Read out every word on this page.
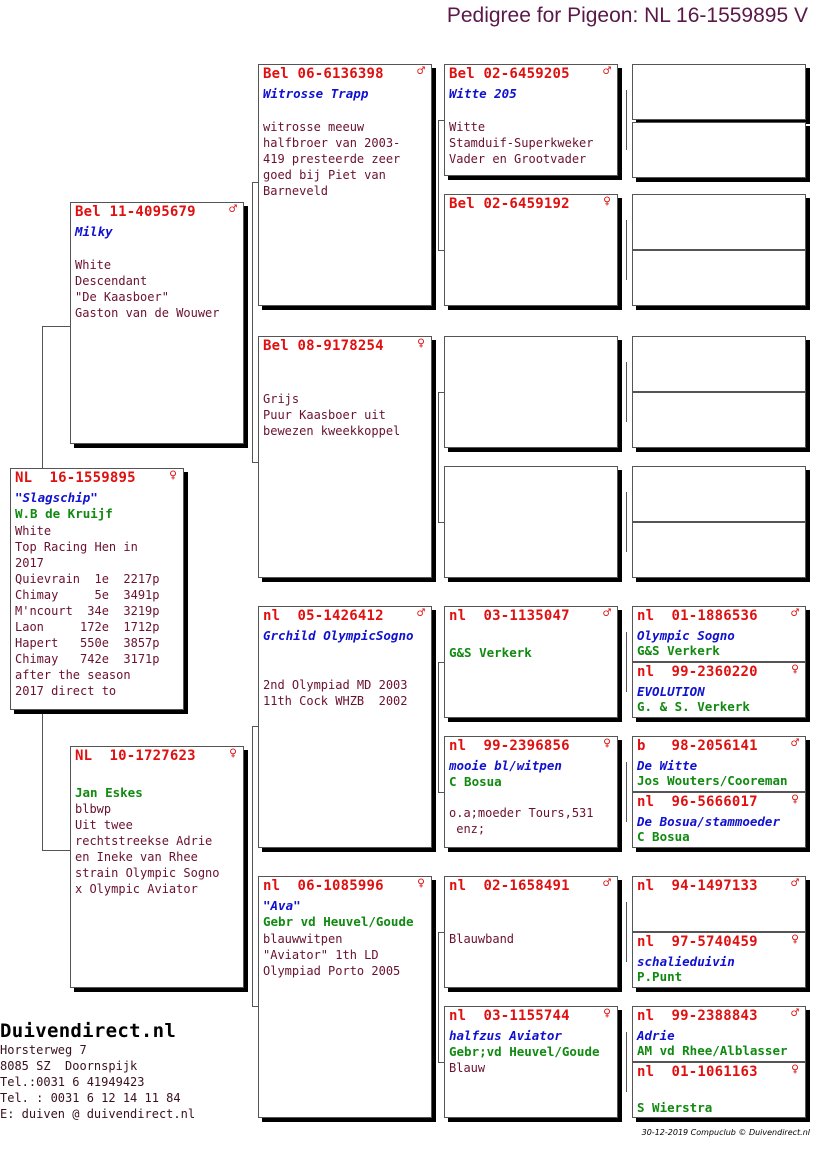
Pedigree for Pigeon: NL 16-1559895 V
NL  16-1559895	♀
"Slagschip"
W.B de Kruijf
White
Top Racing Hen in
2017
Quievrain  1e  2217p
Chimay     5e  3491p
M'ncourt  34e  3219p
Laon     172e  1712p
Hapert   550e  3857p
Chimay   742e  3171p
after the season
2017 direct to
Bel 11-4095679	♂
Milky
White
Descendant
"De Kaasboer"
Gaston van de Wouwer
NL  10-1727623	♀
Jan Eskes
blbwp
Uit twee
rechtstreekse Adrie
en Ineke van Rhee
strain Olympic Sogno
x Olympic Aviator
Bel 06-6136398	♂
Witrosse Trapp
witrosse meeuw
halfbroer van 2003-
419 presteerde zeer
goed bij Piet van
Barneveld
Bel 08-9178254	♀
Grijs
Puur Kaasboer uit
bewezen kweekkoppel
nl  05-1426412	♂
Grchild OlympicSogno
2nd Olympiad MD 2003
11th Cock WHZB  2002
nl  06-1085996	♀
"Ava"
Gebr vd Heuvel/Goude
blauwwitpen
"Aviator" 1th LD
Olympiad Porto 2005
Bel 02-6459205	♂
Witte 205
Witte
Stamduif-Superkweker
Vader en Grootvader
Bel 02-6459192	♀
nl  03-1135047	♂
G&S Verkerk
nl  99-2396856	♀
mooie bl/witpen
C Bosua
o.a;moeder Tours,531
enz;
nl  02-1658491	♂
Blauwband
nl  03-1155744	♀
halfzus Aviator
Gebr;vd Heuvel/Goude
Blauw
nl  01-1886536	♂
Olympic Sogno
G&S Verkerk
nl  99-2360220	♀
EVOLUTION
G. & S. Verkerk
b   98-2056141	♂
De Witte
Jos Wouters/Cooreman
nl  96-5666017	♀
De Bosua/stammoeder
C Bosua
nl  94-1497133	♂
nl  97-5740459	♀
schalieduivin
P.Punt
nl  99-2388843	♂
Adrie
AM vd Rhee/Alblasser
nl  01-1061163	♀
S Wierstra
Duivendirect.nl
Horsterweg 7
8085 SZ  Doornspijk
Tel.:0031 6 41949423
Tel. : 0031 6 12 14 11 84
E: duiven @ duivendirect.nl
30-12-2019 Compuclub © Duivendirect.nl
